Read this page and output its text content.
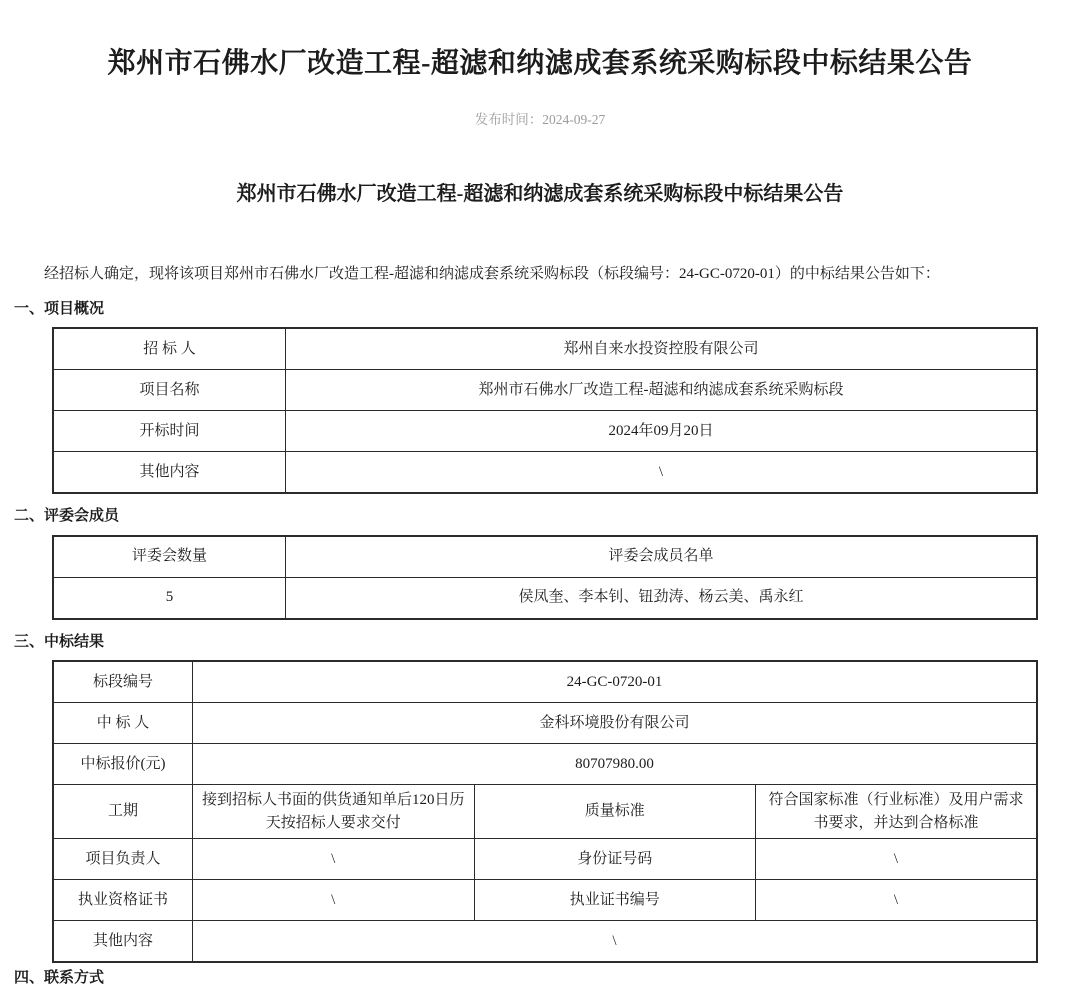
郑州市石佛水厂改造工程-超滤和纳滤成套系统采购标段中标结果公告
发布时间：2024-09-27
郑州市石佛水厂改造工程-超滤和纳滤成套系统采购标段中标结果公告

经招标人确定，现将该项目郑州市石佛水厂改造工程-超滤和纳滤成套系统采购标段（标段编号：24-GC-0720-01）的中标结果公告如下：

一、项目概况
招 标 人	郑州自来水投资控股有限公司
项目名称	郑州市石佛水厂改造工程-超滤和纳滤成套系统采购标段
开标时间	2024年09月20日
其他内容	\
二、评委会成员
评委会数量	评委会成员名单
5	侯凤奎、李本钊、钮劲涛、杨云美、禹永红
三、中标结果
标段编号	24-GC-0720-01		
中 标 人	金科环境股份有限公司		
中标报价(元)	80707980.00		
工期	接到招标人书面的供货通知单后120日历天按招标人要求交付	质量标准	符合国家标准（行业标准）及用户需求书要求，并达到合格标准
项目负责人	\	身份证号码	\
执业资格证书	\	执业证书编号	\
其他内容	\		
四、联系方式
